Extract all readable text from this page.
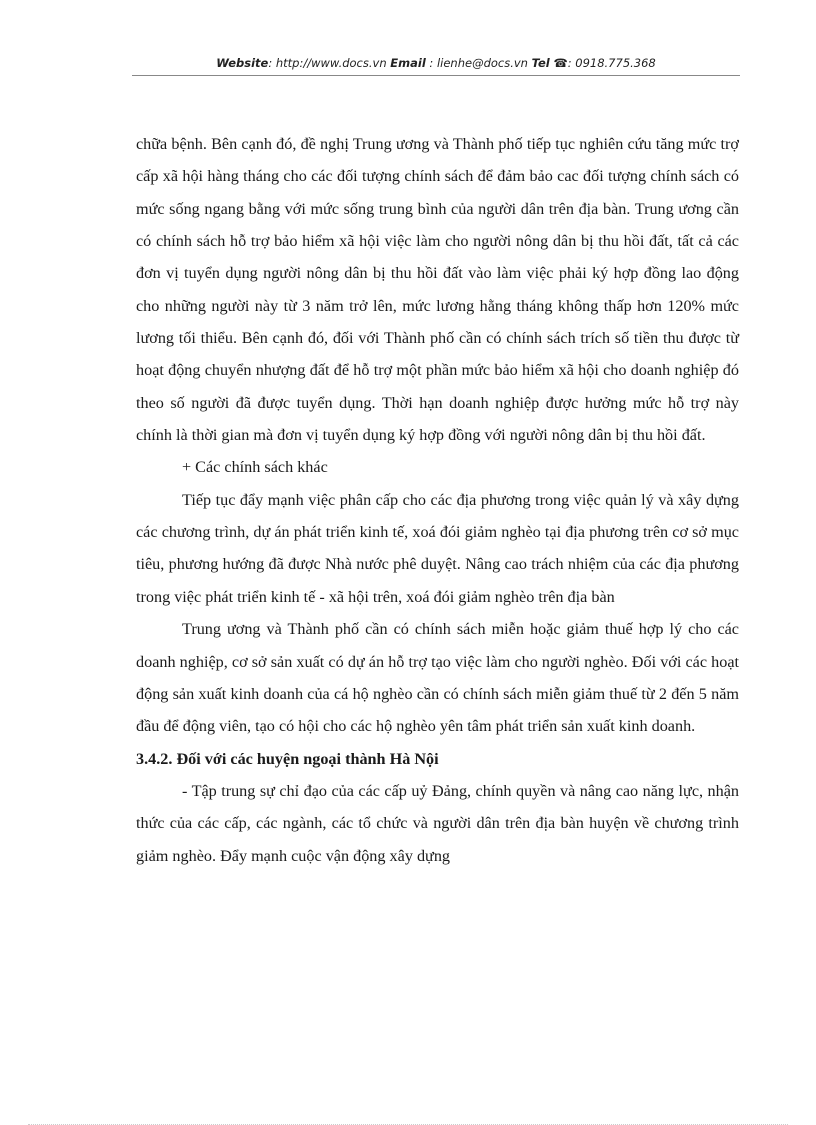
Website: http://www.docs.vn Email : lienhe@docs.vn Tel ☎: 0918.775.368

chữa bệnh. Bên cạnh đó, đề nghị Trung ương và Thành phố tiếp tục nghiên cứu tăng mức trợ cấp xã hội hàng tháng cho các đối tượng chính sách để đảm bảo cac đối tượng chính sách có mức sống ngang bằng với mức sống trung bình của người dân trên địa bàn. Trung ương cần có chính sách hỗ trợ bảo hiểm xã hội việc làm cho người nông dân bị thu hồi đất, tất cả các đơn vị tuyển dụng người nông dân bị thu hồi đất vào làm việc phải ký hợp đồng lao động cho những người này từ 3 năm trở lên, mức lương hằng tháng không thấp hơn 120% mức lương tối thiểu. Bên cạnh đó, đối với Thành phố cần có chính sách trích số tiền thu được từ hoạt động chuyển nhượng đất để hỗ trợ một phần mức bảo hiểm xã hội cho doanh nghiệp đó theo số người đã được tuyển dụng. Thời hạn doanh nghiệp được hưởng mức hỗ trợ này chính là thời gian mà đơn vị tuyển dụng ký hợp đồng với người nông dân bị thu hồi đất.

+ Các chính sách khác

Tiếp tục đẩy mạnh việc phân cấp cho các địa phương trong việc quản lý và xây dựng các chương trình, dự án phát triển kinh tế, xoá đói giảm nghèo tại địa phương trên cơ sở mục tiêu, phương hướng đã được Nhà nước phê duyệt. Nâng cao trách nhiệm của các địa phương trong việc phát triển kinh tế - xã hội trên, xoá đói giảm nghèo trên địa bàn

Trung ương và Thành phố cần có chính sách miễn hoặc giảm thuế hợp lý cho các doanh nghiệp, cơ sở sản xuất có dự án hỗ trợ tạo việc làm cho người nghèo. Đối với các hoạt động sản xuất kinh doanh của cá hộ nghèo cần có chính sách miễn giảm thuế từ 2 đến 5 năm đầu để động viên, tạo có hội cho các hộ nghèo yên tâm phát triển sản xuất kinh doanh.

3.4.2. Đối với các huyện ngoại thành Hà Nội

- Tập trung sự chỉ đạo của các cấp uỷ Đảng, chính quyền và nâng cao năng lực, nhận thức của các cấp, các ngành, các tổ chức và người dân trên địa bàn huyện về chương trình giảm nghèo. Đẩy mạnh cuộc vận động xây dựng
